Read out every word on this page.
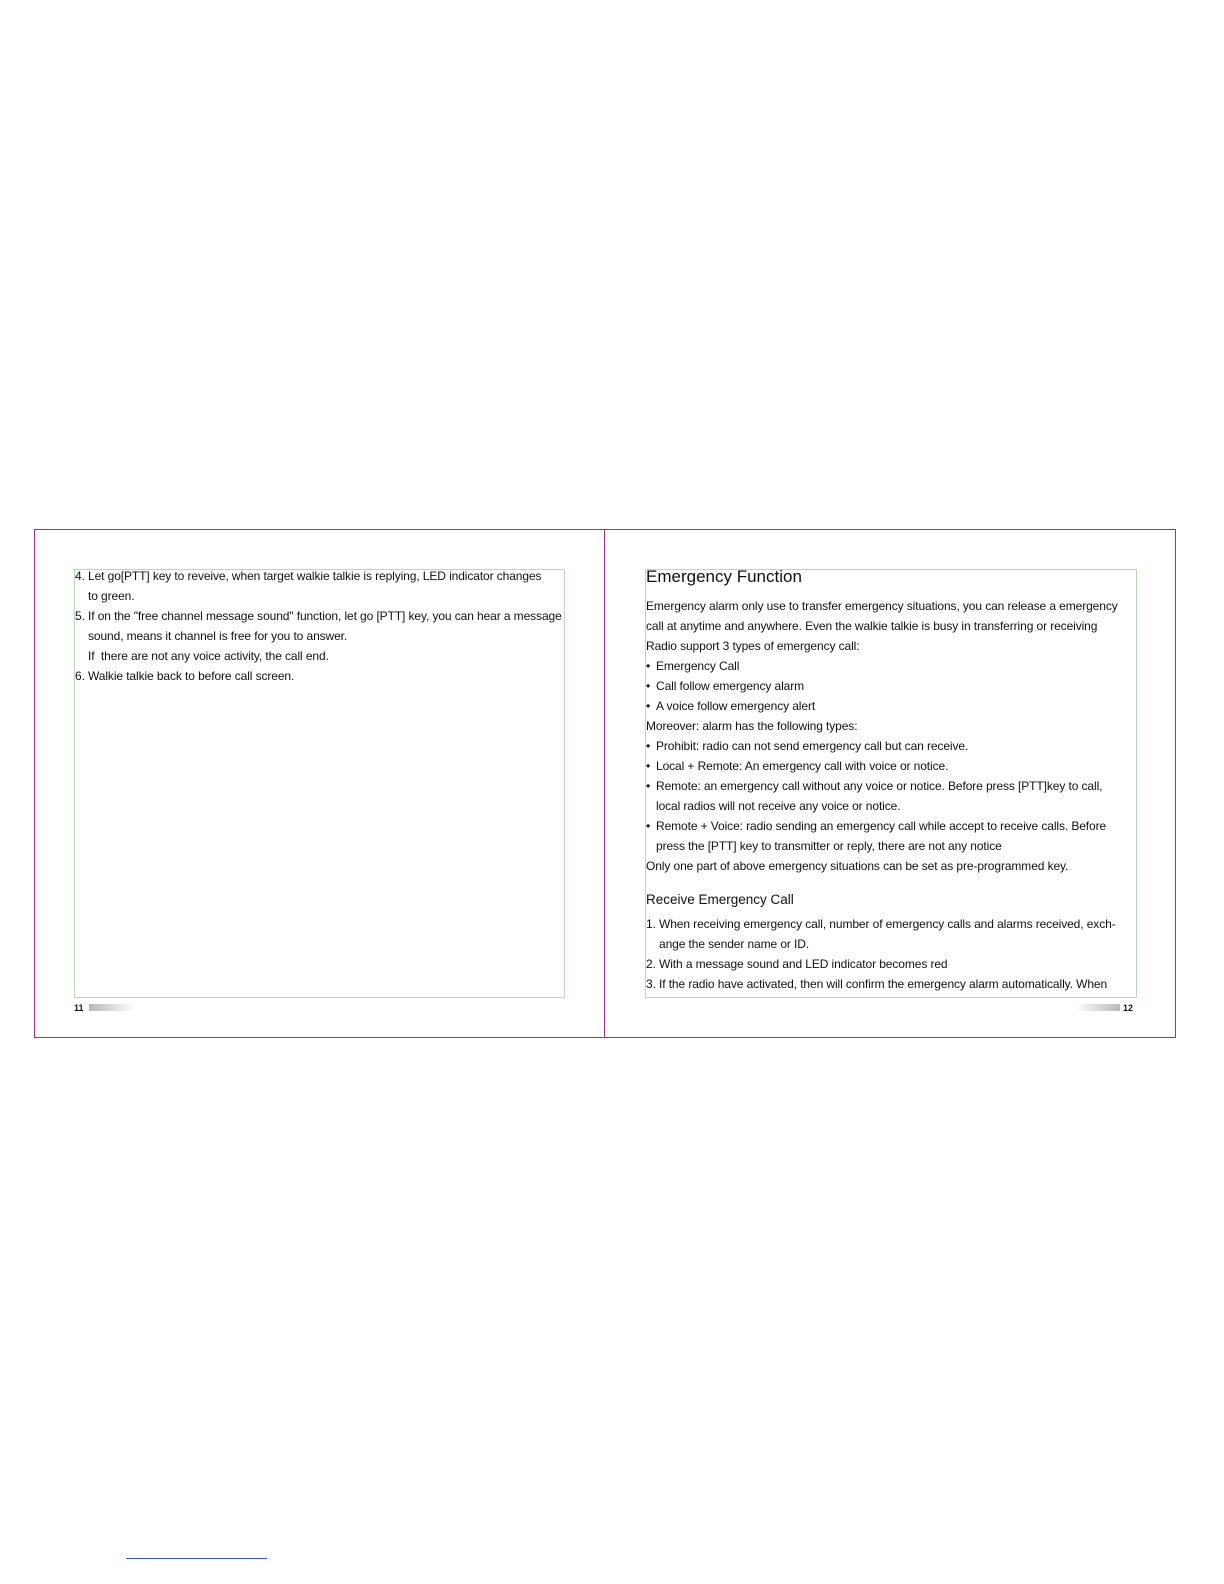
4. Let go[PTT] key to reveive, when target walkie talkie is replying, LED indicator changes
to green.
5. If on the "free channel message sound" function, let go [PTT] key, you can hear a message
sound, means it channel is free for you to answer.
If  there are not any voice activity, the call end.
6. Walkie talkie back to before call screen.
11
Emergency Function
Emergency alarm only use to transfer emergency situations, you can release a emergency
call at anytime and anywhere. Even the walkie talkie is busy in transferring or receiving
Radio support 3 types of emergency call:
• Emergency Call
• Call follow emergency alarm
• A voice follow emergency alert
Moreover: alarm has the following types:
• Prohibit: radio can not send emergency call but can receive.
• Local + Remote: An emergency call with voice or notice.
• Remote: an emergency call without any voice or notice. Before press [PTT]key to call,
local radios will not receive any voice or notice.
• Remote + Voice: radio sending an emergency call while accept to receive calls. Before
press the [PTT] key to transmitter or reply, there are not any notice
Only one part of above emergency situations can be set as pre-programmed key.
Receive Emergency Call
1. When receiving emergency call, number of emergency calls and alarms received, exch-
ange the sender name or ID.
2. With a message sound and LED indicator becomes red
3. If the radio have activated, then will confirm the emergency alarm automatically. When
12
